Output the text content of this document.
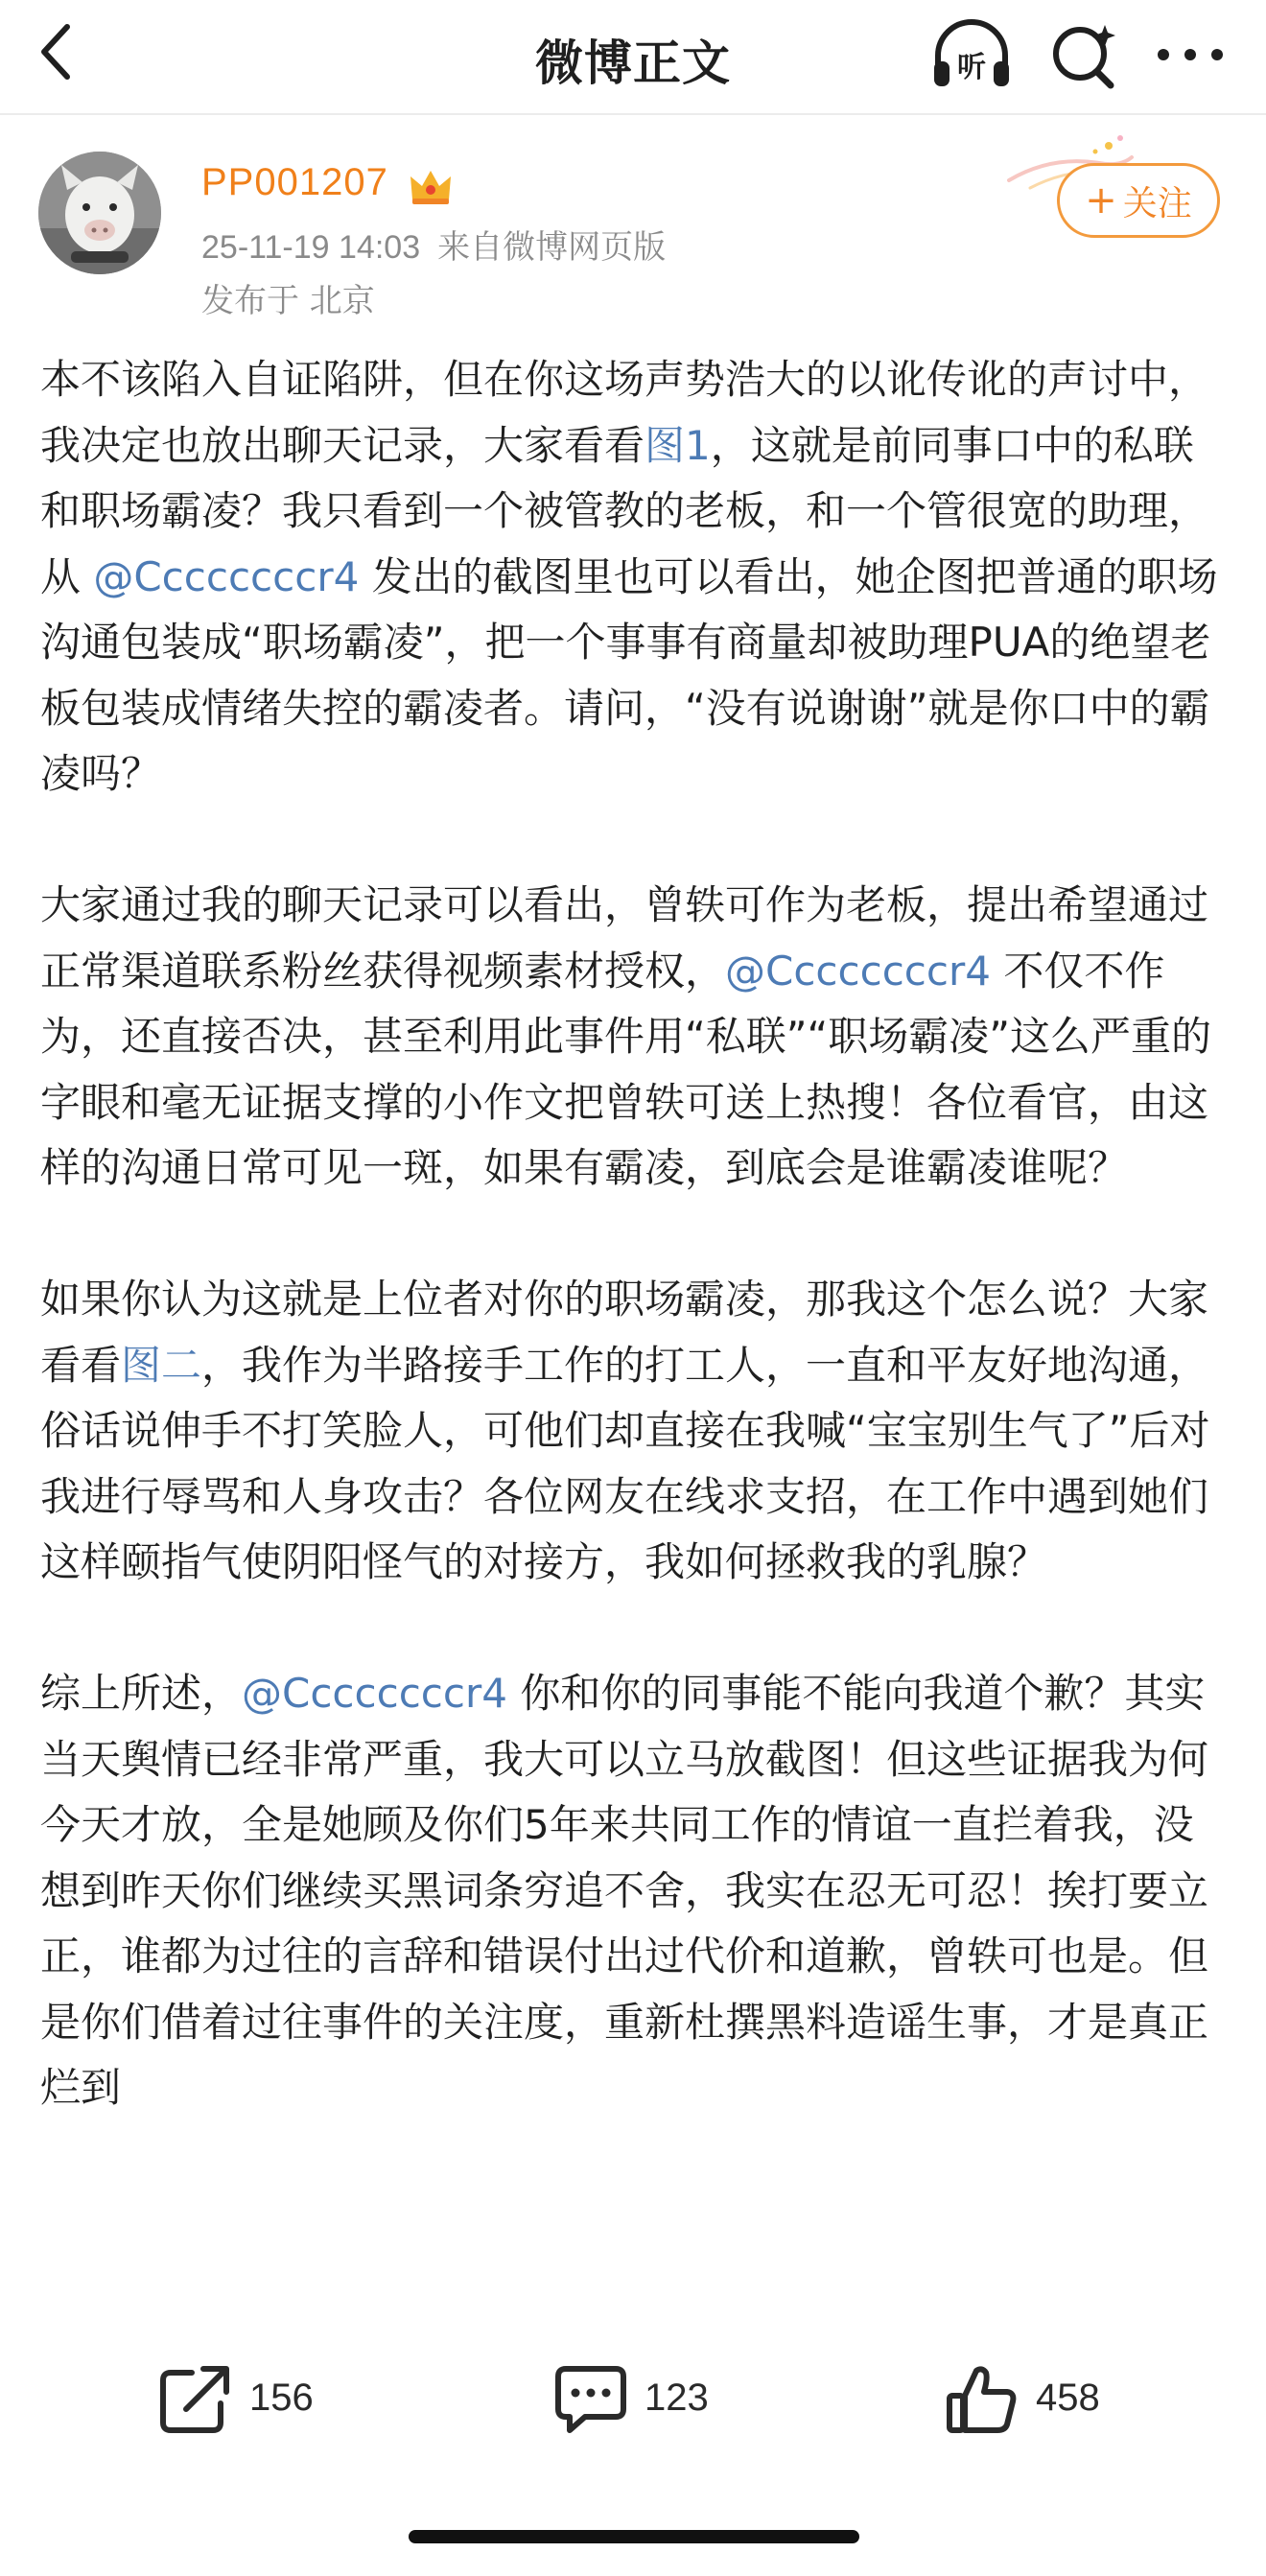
微博正文	听
PP001207
25-11-19 14:03 来自微博网页版
发布于 北京
+ 关注

本不该陷入自证陷阱，但在你这场声势浩大的以讹传讹的声讨中，我决定也放出聊天记录，大家看看图1，这就是前同事口中的私联和职场霸凌？我只看到一个被管教的老板，和一个管很宽的助理，从 @Ccccccccr4 发出的截图里也可以看出，她企图把普通的职场沟通包装成“职场霸凌”，把一个事事有商量却被助理PUA的绝望老板包装成情绪失控的霸凌者。请问，“没有说谢谢”就是你口中的霸凌吗？

大家通过我的聊天记录可以看出，曾轶可作为老板，提出希望通过正常渠道联系粉丝获得视频素材授权，@Ccccccccr4 不仅不作为，还直接否决，甚至利用此事件用“私联”“职场霸凌”这么严重的字眼和毫无证据支撑的小作文把曾轶可送上热搜！各位看官，由这样的沟通日常可见一斑，如果有霸凌，到底会是谁霸凌谁呢？

如果你认为这就是上位者对你的职场霸凌，那我这个怎么说？大家看看图二，我作为半路接手工作的打工人，一直和平友好地沟通，俗话说伸手不打笑脸人，可他们却直接在我喊“宝宝别生气了”后对我进行辱骂和人身攻击？各位网友在线求支招，在工作中遇到她们这样颐指气使阴阳怪气的对接方，我如何拯救我的乳腺？

综上所述，@Ccccccccr4 你和你的同事能不能向我道个歉？其实当天舆情已经非常严重，我大可以立马放截图！但这些证据我为何今天才放，全是她顾及你们5年来共同工作的情谊一直拦着我，没想到昨天你们继续买黑词条穷追不舍，我实在忍无可忍！挨打要立正，谁都为过往的言辞和错误付出过代价和道歉，曾轶可也是。但是你们借着过往事件的关注度，重新杜撰黑料造谣生事，才是真正烂到

156	123	458
